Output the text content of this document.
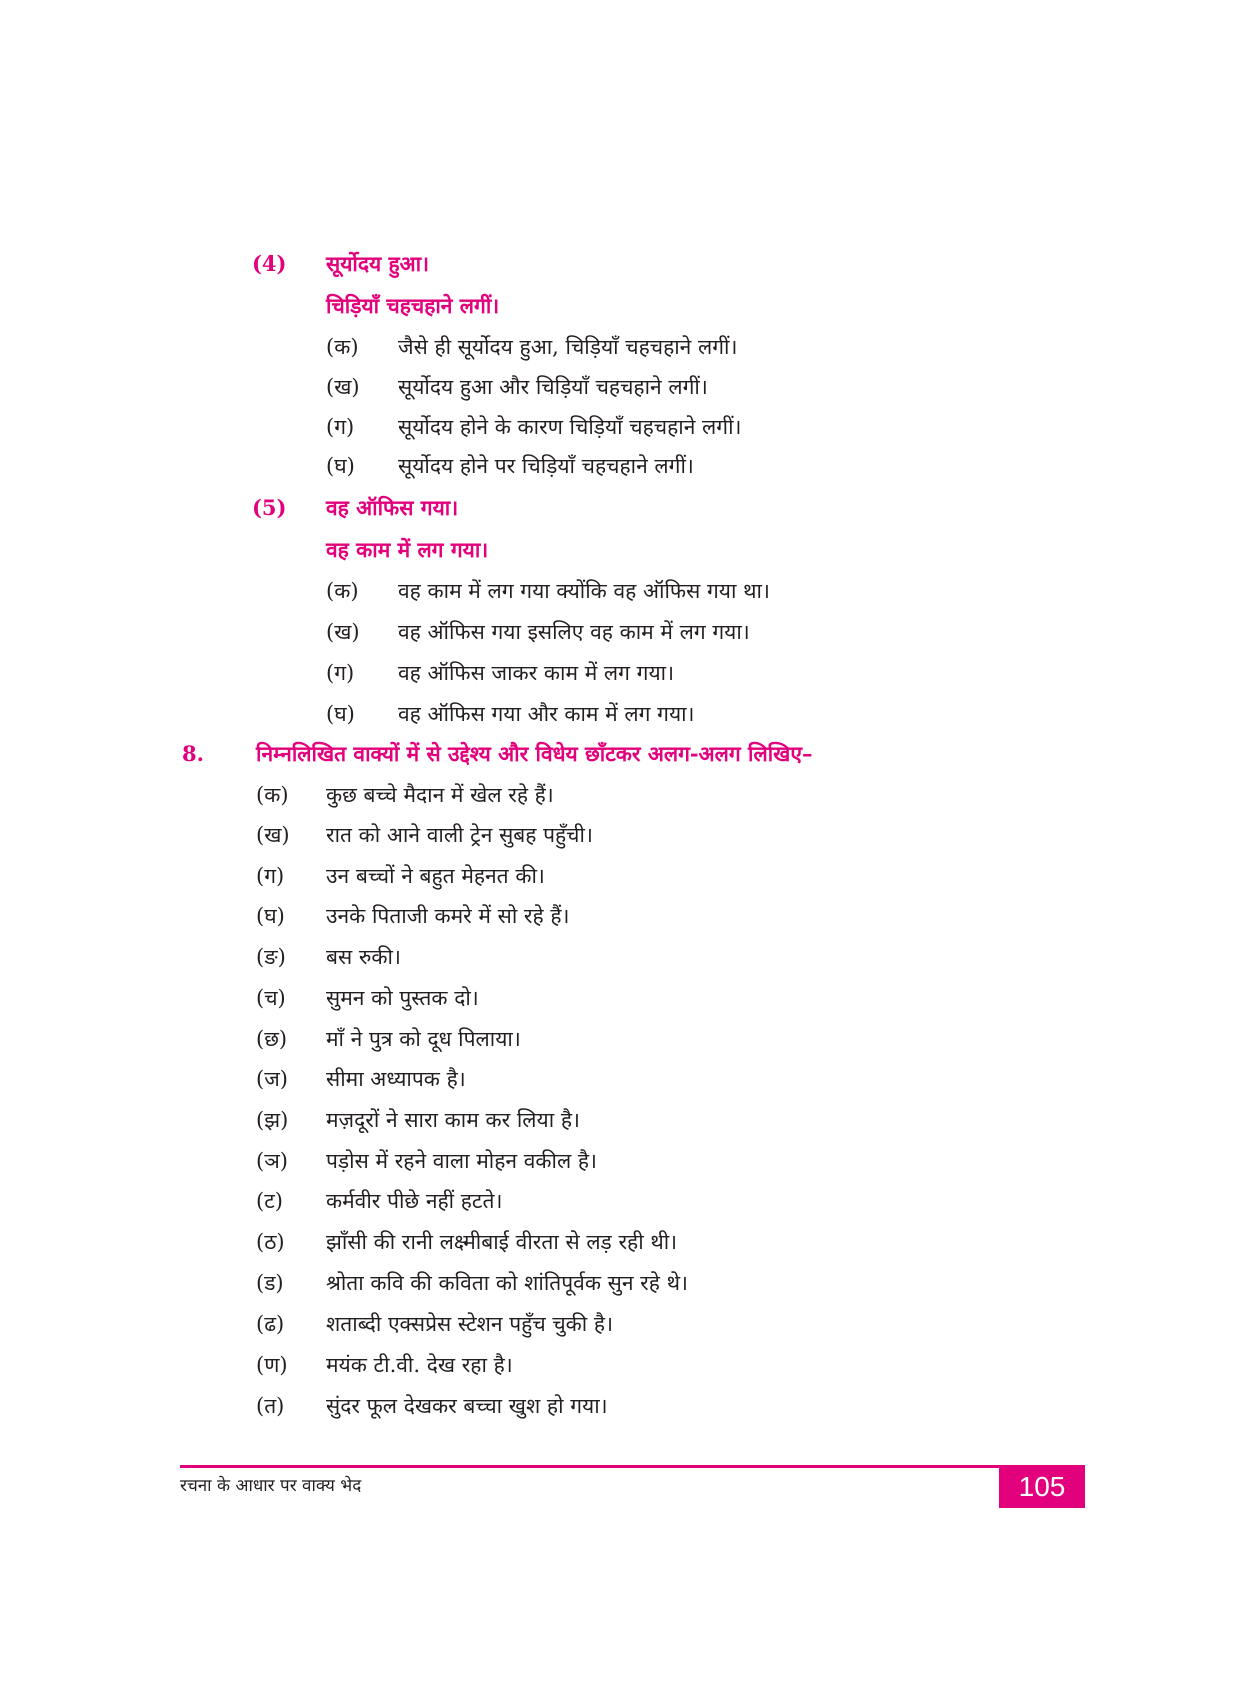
(4) सूर्योदय हुआ।
चिड़ियाँ चहचहाने लगीं।
(क) जैसे ही सूर्योदय हुआ, चिड़ियाँ चहचहाने लगीं।
(ख) सूर्योदय हुआ और चिड़ियाँ चहचहाने लगीं।
(ग) सूर्योदय होने के कारण चिड़ियाँ चहचहाने लगीं।
(घ) सूर्योदय होने पर चिड़ियाँ चहचहाने लगीं।
(5) वह ऑफिस गया।
वह काम में लग गया।
(क) वह काम में लग गया क्योंकि वह ऑफिस गया था।
(ख) वह ऑफिस गया इसलिए वह काम में लग गया।
(ग) वह ऑफिस जाकर काम में लग गया।
(घ) वह ऑफिस गया और काम में लग गया।
8. निम्नलिखित वाक्यों में से उद्देश्य और विधेय छाँटकर अलग-अलग लिखिए–
(क) कुछ बच्चे मैदान में खेल रहे हैं।
(ख) रात को आने वाली ट्रेन सुबह पहुँची।
(ग) उन बच्चों ने बहुत मेहनत की।
(घ) उनके पिताजी कमरे में सो रहे हैं।
(ङ) बस रुकी।
(च) सुमन को पुस्तक दो।
(छ) माँ ने पुत्र को दूध पिलाया।
(ज) सीमा अध्यापक है।
(झ) मज़दूरों ने सारा काम कर लिया है।
(ञ) पड़ोस में रहने वाला मोहन वकील है।
(ट) कर्मवीर पीछे नहीं हटते।
(ठ) झाँसी की रानी लक्ष्मीबाई वीरता से लड़ रही थी।
(ड) श्रोता कवि की कविता को शांतिपूर्वक सुन रहे थे।
(ढ) शताब्दी एक्सप्रेस स्टेशन पहुँच चुकी है।
(ण) मयंक टी.वी. देख रहा है।
(त) सुंदर फूल देखकर बच्चा खुश हो गया।
रचना के आधार पर वाक्य भेद	105
